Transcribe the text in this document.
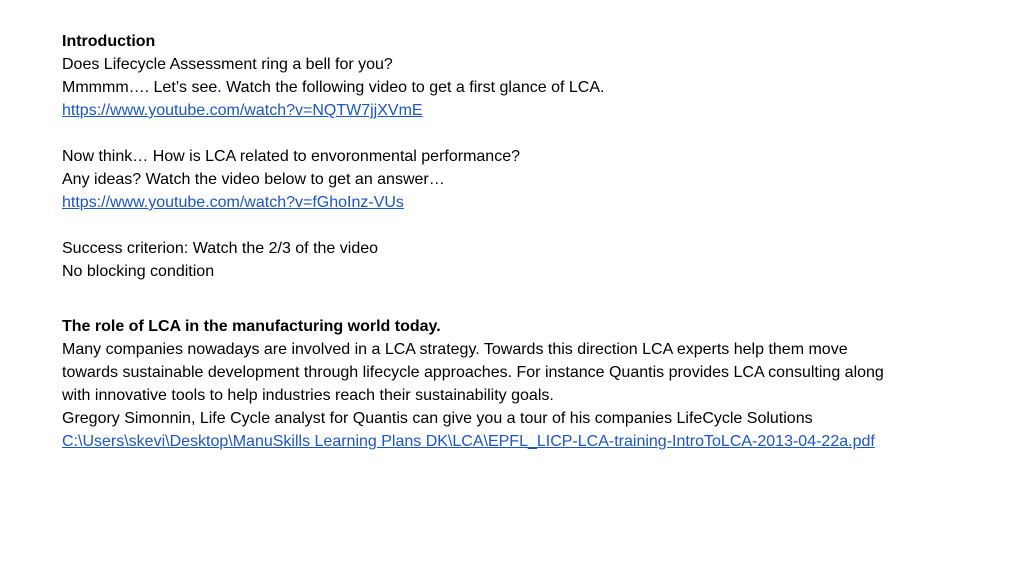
Introduction
Does Lifecycle Assessment ring a bell for you?
Mmmmm…. Let’s see. Watch the following video to get a first glance of LCA.
https://www.youtube.com/watch?v=NQTW7jjXVmE
Now think… How is LCA related to envoronmental performance?
Any ideas? Watch the video below to get an answer…
https://www.youtube.com/watch?v=fGhoInz-VUs
Success criterion: Watch the 2/3 of the video
No blocking condition
The role of LCA in the manufacturing world today.
Many companies nowadays are involved in a LCA strategy. Towards this direction LCA experts help them move
towards sustainable development through lifecycle approaches. For instance Quantis provides LCA consulting along
with innovative tools to help industries reach their sustainability goals.
Gregory Simonnin, Life Cycle analyst for Quantis can give you a tour of his companies LifeCycle Solutions
C:\Users\skevi\Desktop\ManuSkills Learning Plans DK\LCA\EPFL_LICP-LCA-training-IntroToLCA-2013-04-22a.pdf
